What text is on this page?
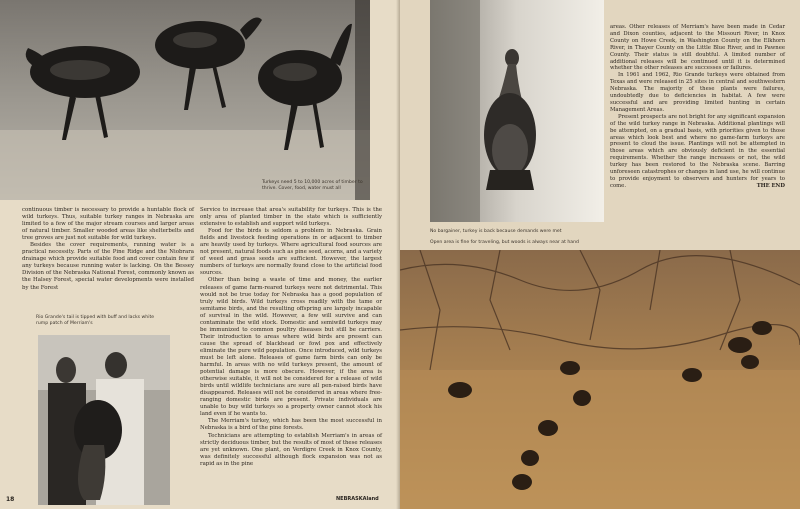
Turkeys need 5 to 10,000 acres of timber to thrive. Cover, food, water must all

continuous timber is necessary to provide a huntable flock of wild turkeys. Thus, suitable turkey ranges in Nebraska are limited to a few of the major stream courses and larger areas of natural timber. Smaller wooded areas like shelterbelts and tree groves are just not suitable for wild turkeys.

Besides the cover requirements, running water is a practical necessity. Parts of the Pine Ridge and the Niobrara drainage which provide suitable food and cover contain few if any turkeys because running water is lacking. On the Bessey Division of the Nebraska National Forest, commonly known as the Halsey Forest, special water developments were installed by the Forest

Rio Grande's tail is tipped with buff and lacks white rump patch of Merriam's

Service to increase that area's suitability for turkeys. This is the only area of planted timber in the state which is sufficiently extensive to establish and support wild turkeys.

Food for the birds is seldom a problem in Nebraska. Grain fields and livestock feeding operations in or adjacent to timber are heavily used by turkeys. Where agricultural food sources are not present, natural foods such as pine seed, acorns, and a variety of weed and grass seeds are sufficient. However, the largest numbers of turkeys are normally found close to the artificial food sources.

Other than being a waste of time and money, the earlier releases of game farm-reared turkeys were not detrimental. This would not be true today for Nebraska has a good population of truly wild birds. Wild turkeys cross readily with the tame or semitame birds, and the resulting offspring are largely incapable of survival in the wild. However, a few will survive and can contaminate the wild stock. Domestic and semiwild turkeys may be immunized to common poultry diseases but still be carriers. Their introduction to areas where wild birds are present can cause the spread of blackhead or fowl pox and effectively eliminate the pure wild population. Once introduced, wild turkeys must be left alone. Releases of game farm birds can only be harmful. In areas with no wild turkeys present, the amount of potential damage is more obscure. However, if the area is otherwise suitable, it will not be considered for a release of wild birds until wildlife technicians are sure all pen-raised birds have disappeared. Releases will not be considered in areas where free-ranging domestic birds are present. Private individuals are unable to buy wild turkeys so a property owner cannot stock his land even if he wants to.

The Merriam's turkey, which has been the most successful in Nebraska is a bird of the pine forests.

Technicians are attempting to establish Merriam's in areas of strictly deciduous timber, but the results of most of these releases are yet unknown. One plant, on Verdigre Creek in Knox County, was definitely successful although flock expansion was not as rapid as in the pine

18	NEBRASKAland
No bargainer, turkey is back because demands were met

areas. Other releases of Merriam's have been made in Cedar and Dixon counties, adjacent to the Missouri River, in Knox County on Howe Creek, in Washington County on the Elkhorn River, in Thayer County on the Little Blue River, and in Pawnee County. Their status is still doubtful. A limited number of additional releases will be continued until it is determined whether the other releases are successes or failures.

In 1961 and 1962, Rio Grande turkeys were obtained from Texas and were released in 25 sites in central and southwestern Nebraska. The majority of these plants were failures, undoubtedly due to deficiencies in habitat. A few were successful and are providing limited hunting in certain Management Areas.

Present prospects are not bright for any significant expansion of the wild turkey range in Nebraska. Additional plantings will be attempted, on a gradual basis, with priorities given to those areas which look best and where no game-farm turkeys are present to cloud the issue. Plantings will not be attempted in those areas which are obviously deficient in the essential requirements. Whether the range increases or not, the wild turkey has been restored to the Nebraska scene. Barring unforeseen catastrophes or changes in land use, he will continue to provide enjoyment to observers and hunters for years to come.	THE END

Open area is fine for traveling, but woods is always near at hand
